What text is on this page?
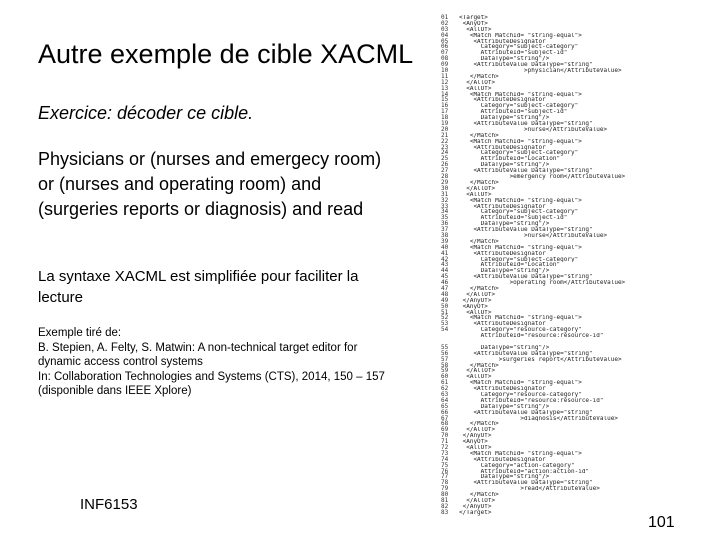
Autre exemple de cible XACML
Exercice: décoder ce cible.
Physicians or (nurses and emergecy room) or (nurses and operating room) and (surgeries reports or diagnosis) and read
La syntaxe XACML est simplifiée pour faciliter la lecture
Exemple tiré de:
B. Stepien, A. Felty, S. Matwin: A non-technical target editor for dynamic access control systems
In: Collaboration Technologies and Systems (CTS), 2014, 150 – 157 (disponible dans IEEE Xplore)
01	<Target>
02	<AnyOf>
03	<AllOf>
04	<Match MatchId= "string-equal">
05	<AttributeDesignator
06	Category="subject-category"
07	AttributeId="subject-id"
08	DataType="string"/>
09	<AttributeValue DataType="string"
10	>physician</AttributeValue>
11	</Match>
12	</AllOf>
13	<AllOf>
14	<Match MatchId= "string-equal">
15	<AttributeDesignator
16	Category="subject-category"
17	AttributeId="subject-id"
18	DataType="string"/>
19	<AttributeValue DataType="string"
20	>nurse</AttributeValue>
21	</Match>
22	<Match MatchId= "string-equal">
23	<AttributeDesignator
24	Category="subject-category"
25	AttributeId="Location"
26	DataType="string"/>
27	<AttributeValue DataType="string"
28	>emergency room</AttributeValue>
29	</Match>
30	</AllOf>
31	<AllOf>
32	<Match MatchId= "string-equal">
33	<AttributeDesignator
34	Category="subject-category"
35	AttributeId="subject-id"
36	DataType="string"/>
37	<AttributeValue DataType="string"
38	>nurse</AttributeValue>
39	</Match>
40	<Match MatchId= "string-equal">
41	<AttributeDesignator
42	Category="subject-category"
43	AttributeId="Location"
44	DataType="string"/>
45	<AttributeValue DataType="string"
46	>operating room</AttributeValue>
47	</Match>
48	</AllOf>
49	</AnyOf>
50	<AnyOf>
51	<AllOf>
52	<Match MatchId= "string-equal">
53	<AttributeDesignator
54	Category="resource-category"
AttributeId="resource:resource-id"
55	DataType="string"/>
56	<AttributeValue DataType="string"
57	>surgeries report</AttributeValue>
58	</Match>
59	</AllOf>
60	<AllOf>
61	<Match MatchId= "string-equal">
62	<AttributeDesignator
63	Category="resource-category"
64	AttributeId="resource:resource-id"
65	DataType="string"/>
66	<AttributeValue DataType="string"
67	>diagnosis</AttributeValue>
68	</Match>
69	</AllOf>
70	</AnyOf>
71	<AnyOf>
72	<AllOf>
73	<Match MatchId= "string-equal">
74	<AttributeDesignator
75	Category="action-category"
76	AttributeId="action:action-id"
77	DataType="string"/>
78	<AttributeValue DataType="string"
79	>read</AttributeValue>
80	</Match>
81	</AllOf>
82	</AnyOf>
83	</Target>
INF6153
101
